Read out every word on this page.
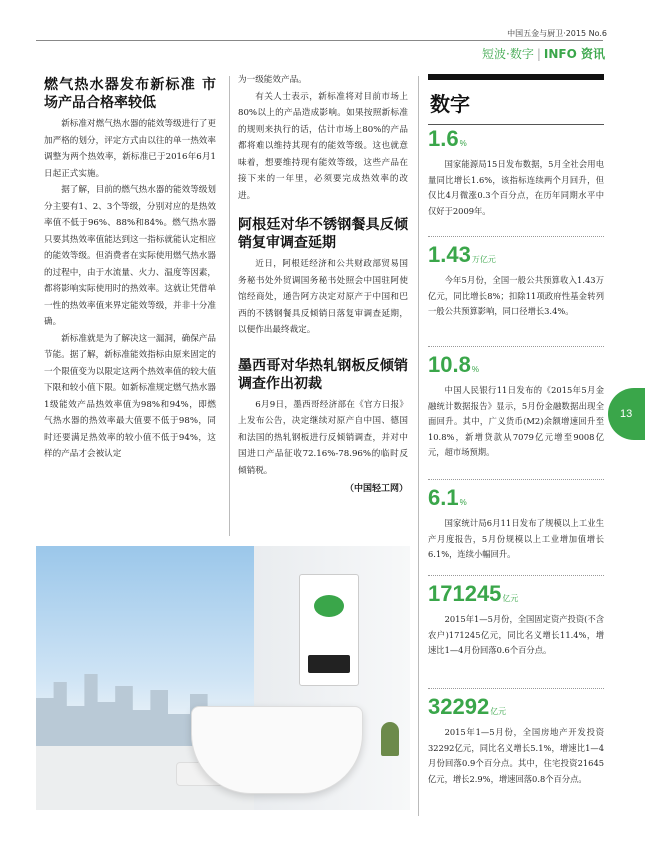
中国五金与厨卫·2015 No.6
短波·数字 | INFO 资讯
燃气热水器发布新标准 市场产品合格率较低

新标准对燃气热水器的能效等级进行了更加严格的划分，评定方式由以往的单一热效率调整为两个热效率，新标准已于2016年6月1日起正式实施。

据了解，目前的燃气热水器的能效等级划分主要有1、2、3个等级，分别对应的是热效率值不低于96%、88%和84%。燃气热水器只要其热效率值能达到这一指标就能认定相应的能效等级。但消费者在实际使用燃气热水器的过程中，由于水流量、火力、温度等因素，都将影响实际使用时的热效率。这就让凭借单一性的热效率值来界定能效等级，并非十分准确。

新标准就是为了解决这一漏洞，确保产品节能。据了解，新标准能效指标由原来固定的一个限值变为以限定这两个热效率值的较大值下限和较小值下限。如新标准规定燃气热水器1级能效产品热效率值为98%和94%，即燃气热水器的热效率最大值要不低于98%，同时还要满足热效率的较小值不低于94%，这样的产品才会被认定

为一级能效产品。

有关人士表示，新标准将对目前市场上80%以上的产品造成影响。如果按照新标准的规则来执行的话，估计市场上80%的产品都将难以维持其现有的能效等级。这也就意味着，想要维持现有能效等级，这些产品在接下来的一年里，必须要完成热效率的改进。

阿根廷对华不锈钢餐具反倾销复审调查延期

近日，阿根廷经济和公共财政部贸易国务秘书处外贸调国务秘书处照会中国驻阿使馆经商处，通告阿方决定对原产于中国和巴西的不锈钢餐具反倾销日落复审调查延期，以便作出最终裁定。

墨西哥对华热轧钢板反倾销调查作出初裁

6月9日，墨西哥经济部在《官方日报》上发布公告，决定继续对原产自中国、德国和法国的热轧钢板进行反倾销调查，并对中国进口产品征收72.16%-78.96%的临时反倾销税。

（中国轻工网）
数字
1.6%

国家能源局15日发布数据，5月全社会用电量同比增长1.6%，该指标连续两个月回升，但仅比4月微涨0.3个百分点，在历年同期水平中仅好于2009年。

1.43万亿元

今年5月份，全国一般公共预算收入1.43万亿元，同比增长8%；扣除11项政府性基金转列一般公共预算影响，同口径增长3.4%。

10.8%

中国人民银行11日发布的《2015年5月金融统计数据报告》显示，5月份金融数据出现全面回升。其中，广义货币(M2)余额增速回升至10.8%，新增贷款从7079亿元增至9008亿元，超市场预期。

6.1%

国家统计局6月11日发布了规模以上工业生产月度报告，5月份规模以上工业增加值增长6.1%，连续小幅回升。

171245亿元

2015年1—5月份，全国固定资产投资(不含农户)171245亿元，同比名义增长11.4%，增速比1—4月份回落0.6个百分点。

32292亿元

2015年1—5月份，全国房地产开发投资32292亿元，同比名义增长5.1%，增速比1—4月份回落0.9个百分点。其中，住宅投资21645亿元，增长2.9%，增速回落0.8个百分点。

13
